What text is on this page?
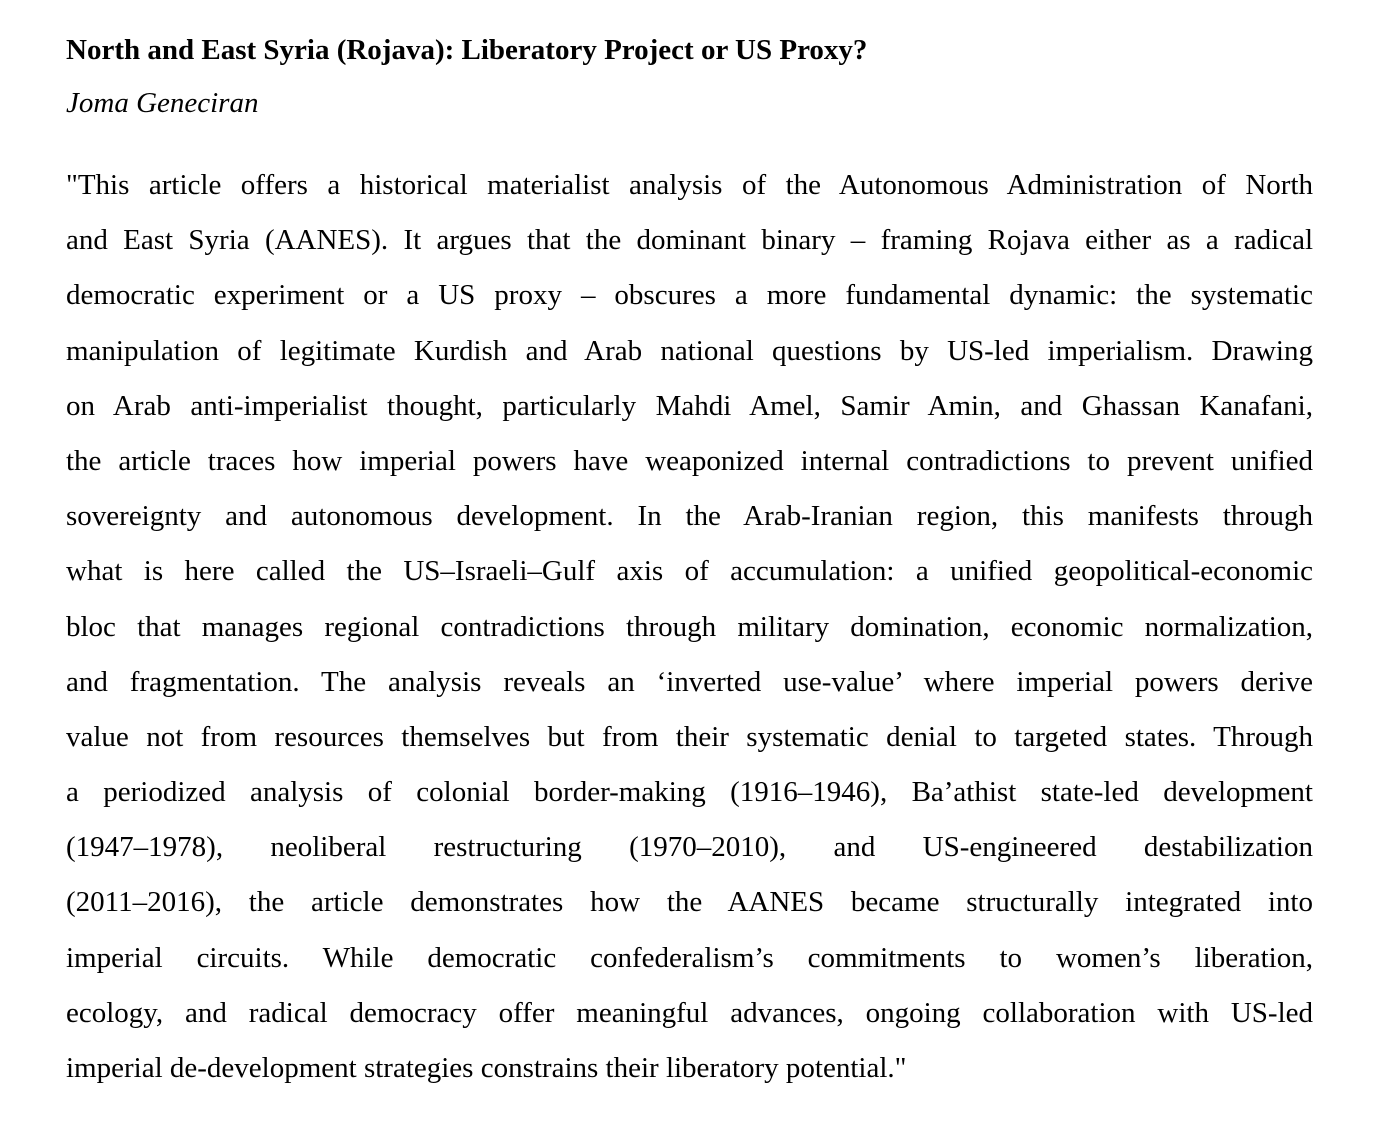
North and East Syria (Rojava): Liberatory Project or US Proxy?

Joma Geneciran

"This article offers a historical materialist analysis of the Autonomous Administration of North
and East Syria (AANES). It argues that the dominant binary – framing Rojava either as a radical
democratic experiment or a US proxy – obscures a more fundamental dynamic: the systematic
manipulation of legitimate Kurdish and Arab national questions by US-led imperialism. Drawing
on Arab anti-imperialist thought, particularly Mahdi Amel, Samir Amin, and Ghassan Kanafani,
the article traces how imperial powers have weaponized internal contradictions to prevent unified
sovereignty and autonomous development. In the Arab-Iranian region, this manifests through
what is here called the US–Israeli–Gulf axis of accumulation: a unified geopolitical-economic
bloc that manages regional contradictions through military domination, economic normalization,
and fragmentation. The analysis reveals an ‘inverted use-value’ where imperial powers derive
value not from resources themselves but from their systematic denial to targeted states. Through
a periodized analysis of colonial border-making (1916–1946), Ba’athist state-led development
(1947–1978), neoliberal restructuring (1970–2010), and US-engineered destabilization
(2011–2016), the article demonstrates how the AANES became structurally integrated into
imperial circuits. While democratic confederalism’s commitments to women’s liberation,
ecology, and radical democracy offer meaningful advances, ongoing collaboration with US-led
imperial de-development strategies constrains their liberatory potential."
